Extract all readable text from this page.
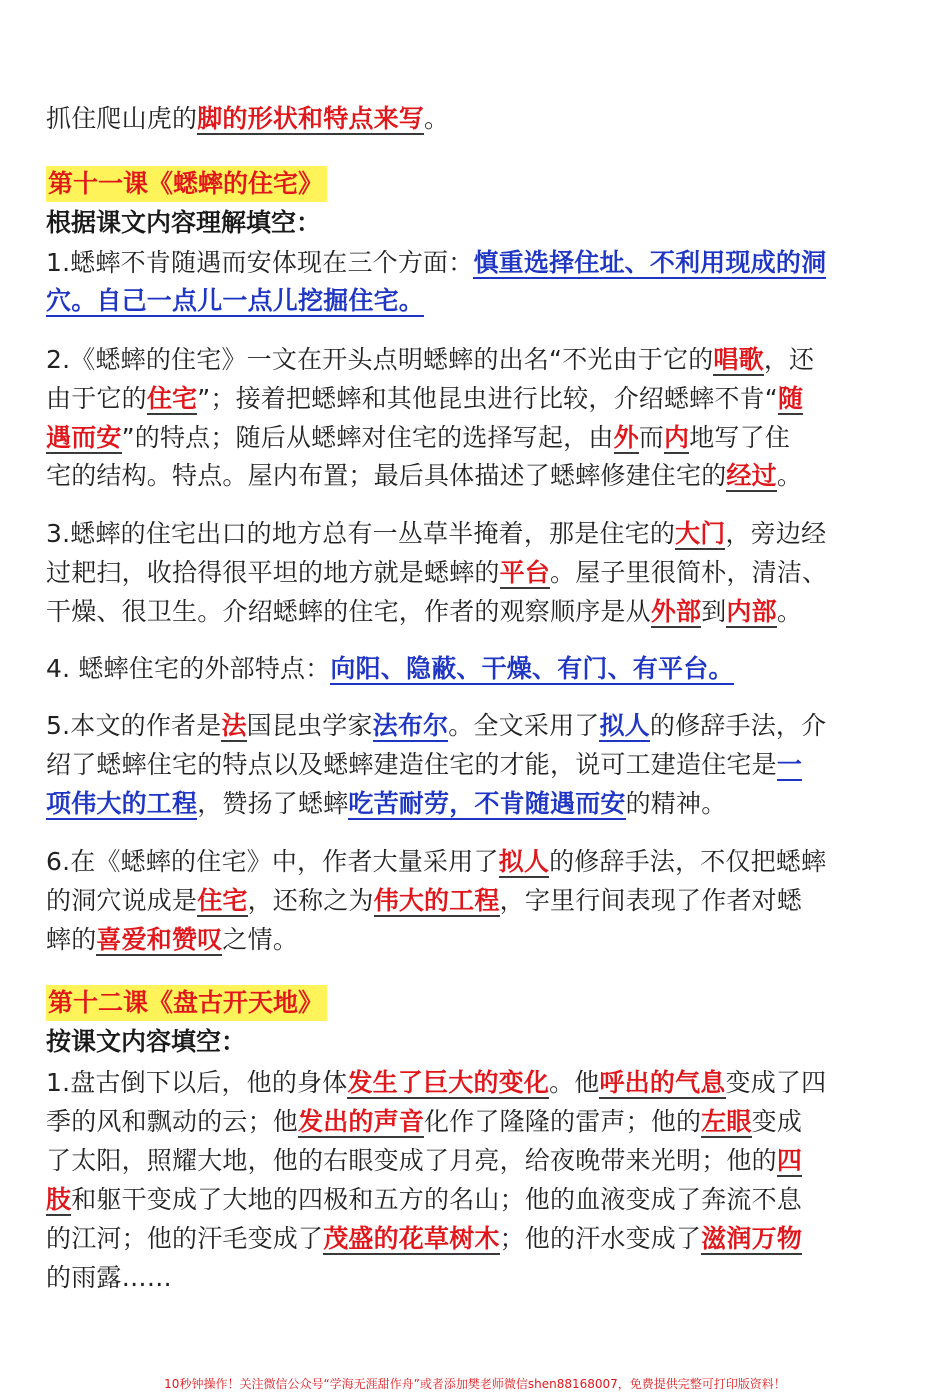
第十一课《蟋蟀的住宅》
第十二课《盘古开天地》
10秒钟操作！关注微信公众号“学海无涯甜作舟”或者添加樊老师微信shen88168007，免费提供完整可打印版资料！
抓住爬山虎的脚的形状和特点来写。
根据课文内容理解填空：
1.蟋蟀不肯随遇而安体现在三个方面：慎重选择住址、不利用现成的洞
穴。自己一点儿一点儿挖掘住宅。
2.《蟋蟀的住宅》一文在开头点明蟋蟀的出名“不光由于它的唱歌，还
由于它的住宅”；接着把蟋蟀和其他昆虫进行比较，介绍蟋蟀不肯“随
遇而安”的特点；随后从蟋蟀对住宅的选择写起，由外而内地写了住
宅的结构。特点。屋内布置；最后具体描述了蟋蟀修建住宅的经过。
3.蟋蟀的住宅出口的地方总有一丛草半掩着，那是住宅的大门，旁边经
过耙扫，收拾得很平坦的地方就是蟋蟀的平台。屋子里很简朴，清洁、
干燥、很卫生。介绍蟋蟀的住宅，作者的观察顺序是从外部到内部。
4. 蟋蟀住宅的外部特点：向阳、隐蔽、干燥、有门、有平台。
5.本文的作者是法国昆虫学家法布尔。全文采用了拟人的修辞手法，介
绍了蟋蟀住宅的特点以及蟋蟀建造住宅的才能，说可工建造住宅是一
项伟大的工程，赞扬了蟋蟀吃苦耐劳，不肯随遇而安的精神。
6.在《蟋蟀的住宅》中，作者大量采用了拟人的修辞手法，不仅把蟋蟀
的洞穴说成是住宅，还称之为伟大的工程，字里行间表现了作者对蟋
蟀的喜爱和赞叹之情。
按课文内容填空：
1.盘古倒下以后，他的身体发生了巨大的变化。他呼出的气息变成了四
季的风和飘动的云；他发出的声音化作了隆隆的雷声；他的左眼变成
了太阳，照耀大地，他的右眼变成了月亮，给夜晚带来光明；他的四
肢和躯干变成了大地的四极和五方的名山；他的血液变成了奔流不息
的江河；他的汗毛变成了茂盛的花草树木；他的汗水变成了滋润万物
的雨露……
